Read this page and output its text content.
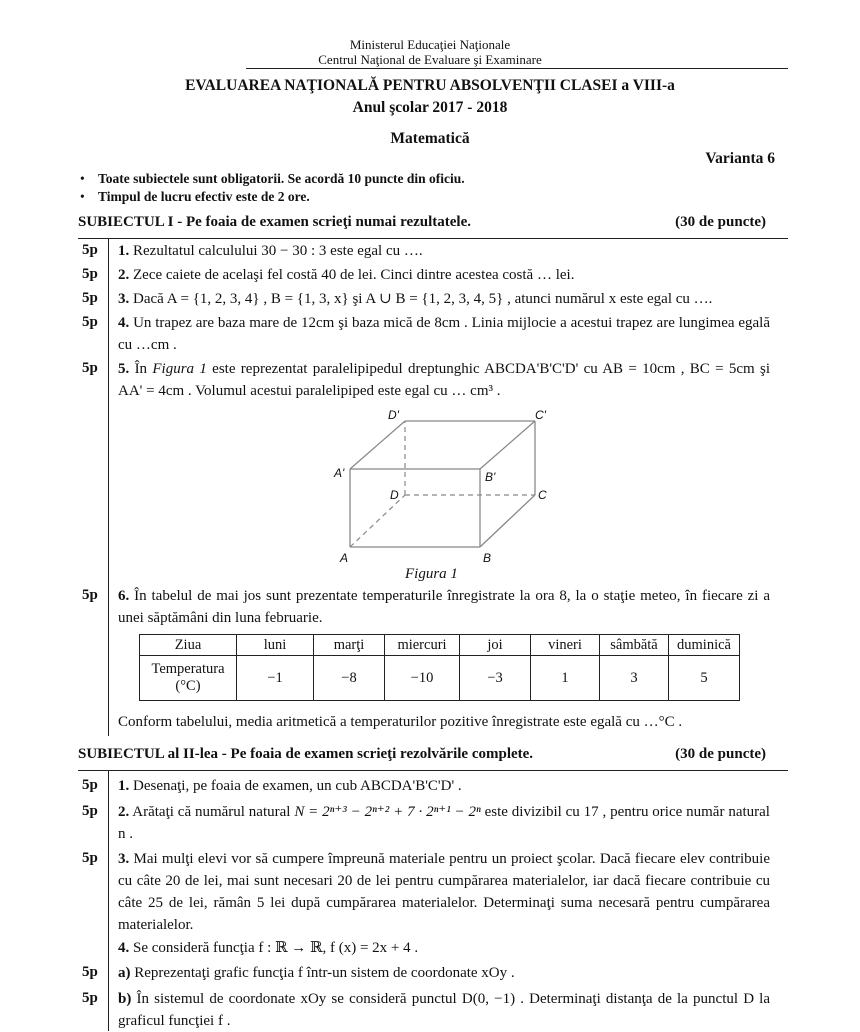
Ministerul Educaţiei Naţionale
Centrul Naţional de Evaluare şi Examinare
EVALUAREA NAŢIONALĂ PENTRU ABSOLVENŢII CLASEI a VIII-a
Anul şcolar 2017 - 2018
Matematică
Varianta 6
• Toate subiectele sunt obligatorii. Se acordă 10 puncte din oficiu.
• Timpul de lucru efectiv este de 2 ore.
SUBIECTUL I - Pe foaia de examen scrieţi numai rezultatele.	(30 de puncte)
5p 1. Rezultatul calculului 30 − 30 : 3 este egal cu ….
5p 2. Zece caiete de acelaşi fel costă 40 de lei. Cinci dintre acestea costă … lei.
5p 3. Dacă A = {1, 2, 3, 4} , B = {1, 3, x} şi A ∪ B = {1, 2, 3, 4, 5} , atunci numărul x este egal cu ….
5p 4. Un trapez are baza mare de 12cm şi baza mică de 8cm . Linia mijlocie a acestui trapez are lungimea egală cu …cm .
5p 5. În Figura 1 este reprezentat paralelipipedul dreptunghic ABCDA'B'C'D' cu AB = 10cm , BC = 5cm şi AA' = 4cm . Volumul acestui paralelipiped este egal cu … cm³ .
A	B
C
D
A'	B'
C'
D'
Figura 1
5p 6. În tabelul de mai jos sunt prezentate temperaturile înregistrate la ora 8, la o staţie meteo, în fiecare zi a unei săptămâni din luna februarie.
Ziua	luni	marţi	miercuri	joi	vineri	sâmbătă	duminică

Temperatura
(°C)	−1	−8	−10	−3	1	3	5
Conform tabelului, media aritmetică a temperaturilor pozitive înregistrate este egală cu …°C .
SUBIECTUL al II-lea - Pe foaia de examen scrieţi rezolvările complete.	(30 de puncte)
5p 1. Desenaţi, pe foaia de examen, un cub ABCDA'B'C'D' .
5p 2. Arătaţi că numărul natural N = 2ⁿ⁺³ − 2ⁿ⁺² + 7 · 2ⁿ⁺¹ − 2ⁿ este divizibil cu 17 , pentru orice număr natural n .
5p 3. Mai mulţi elevi vor să cumpere împreună materiale pentru un proiect şcolar. Dacă fiecare elev contribuie cu câte 20 de lei, mai sunt necesari 20 de lei pentru cumpărarea materialelor, iar dacă fiecare contribuie cu câte 25 de lei, rămân 5 lei după cumpărarea materialelor. Determinaţi suma necesară pentru cumpărarea materialelor.
4. Se consideră funcţia f : ℝ → ℝ, f (x) = 2x + 4 .
5p a) Reprezentaţi grafic funcţia f într-un sistem de coordonate xOy .
5p b) În sistemul de coordonate xOy se consideră punctul D(0, −1) . Determinaţi distanţa de la punctul D la graficul funcţiei f .
